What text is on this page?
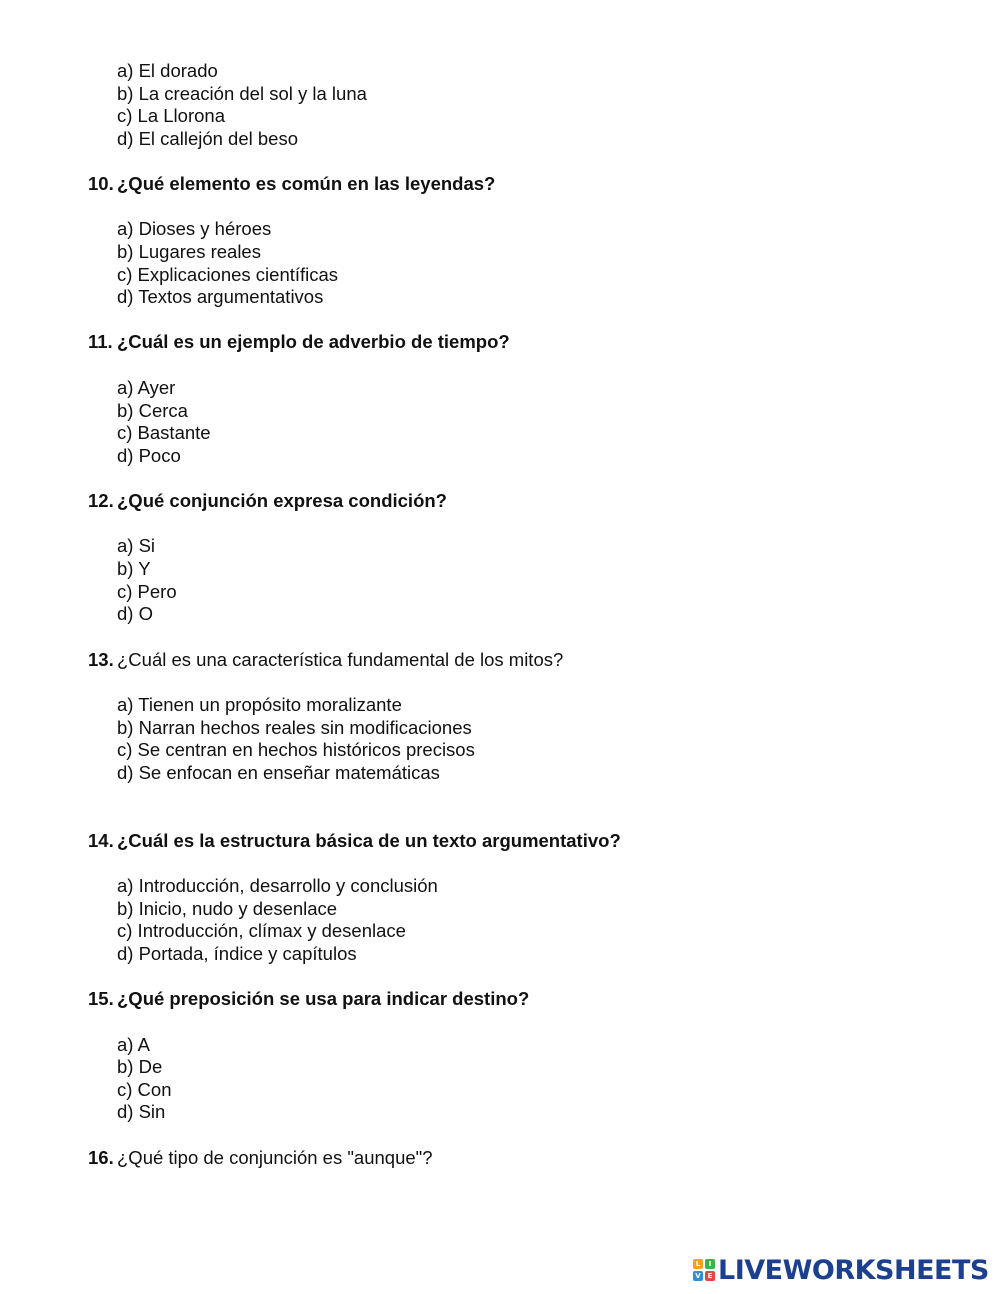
a) El dorado
b) La creación del sol y la luna
c) La Llorona
d) El callejón del beso
10. ¿Qué elemento es común en las leyendas?
a) Dioses y héroes
b) Lugares reales
c) Explicaciones científicas
d) Textos argumentativos
11. ¿Cuál es un ejemplo de adverbio de tiempo?
a) Ayer
b) Cerca
c) Bastante
d) Poco
12. ¿Qué conjunción expresa condición?
a) Si
b) Y
c) Pero
d) O
13. ¿Cuál es una característica fundamental de los mitos?
a) Tienen un propósito moralizante
b) Narran hechos reales sin modificaciones
c) Se centran en hechos históricos precisos
d) Se enfocan en enseñar matemáticas
14. ¿Cuál es la estructura básica de un texto argumentativo?
a) Introducción, desarrollo y conclusión
b) Inicio, nudo y desenlace
c) Introducción, clímax y desenlace
d) Portada, índice y capítulos
15. ¿Qué preposición se usa para indicar destino?
a) A
b) De
c) Con
d) Sin
16. ¿Qué tipo de conjunción es "aunque"?
L	I
V E LIVEWORKSHEETS
